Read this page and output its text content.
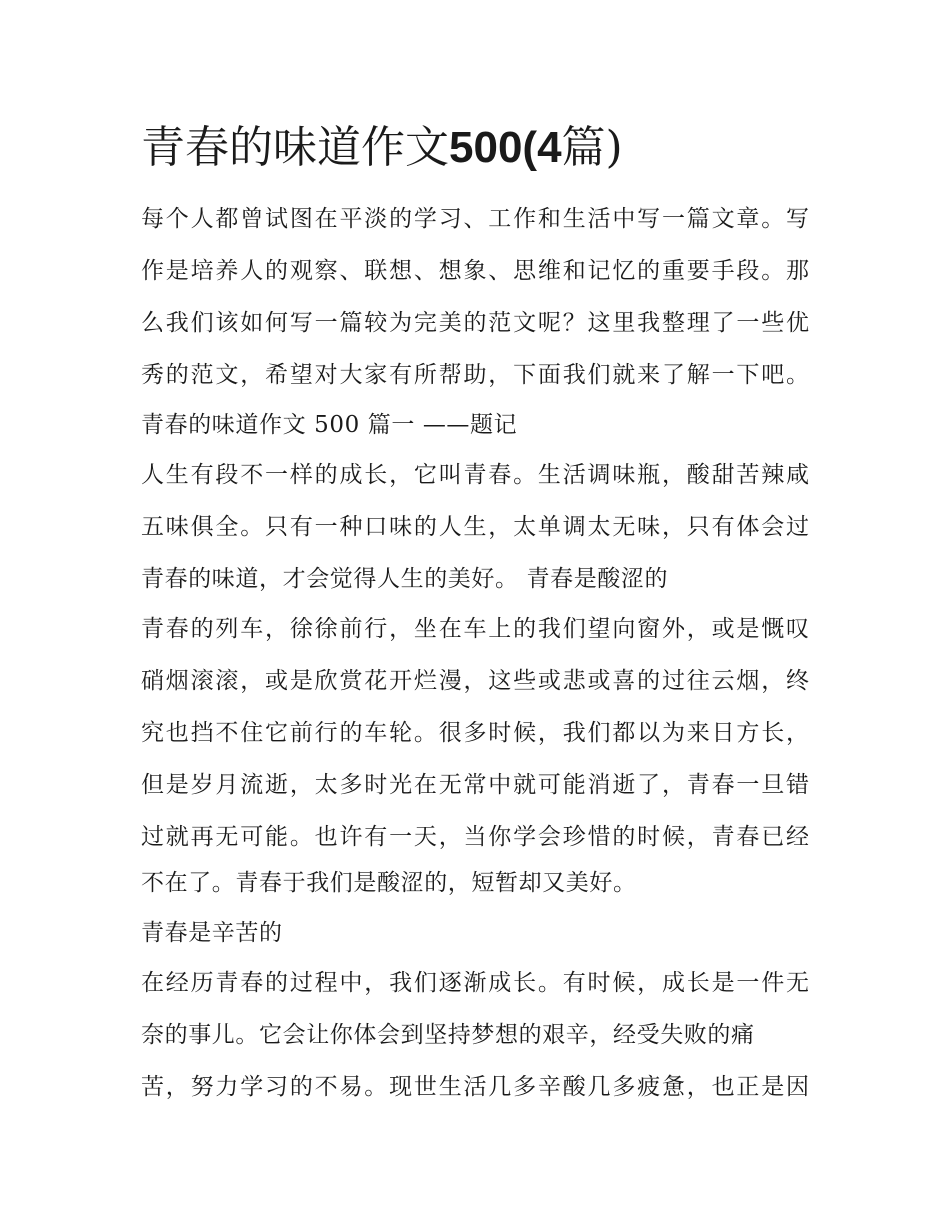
青春的味道作文500(4篇)

每个人都曾试图在平淡的学习、工作和生活中写一篇文章。写

作是培养人的观察、联想、想象、思维和记忆的重要手段。那

么我们该如何写一篇较为完美的范文呢？这里我整理了一些优

秀的范文，希望对大家有所帮助，下面我们就来了解一下吧。

青春的味道作文 500 篇一 ——题记

人生有段不一样的成长，它叫青春。生活调味瓶，酸甜苦辣咸

五味俱全。只有一种口味的人生，太单调太无味，只有体会过

青春的味道，才会觉得人生的美好。 青春是酸涩的

青春的列车，徐徐前行，坐在车上的我们望向窗外，或是慨叹

硝烟滚滚，或是欣赏花开烂漫，这些或悲或喜的过往云烟，终

究也挡不住它前行的车轮。很多时候，我们都以为来日方长，

但是岁月流逝，太多时光在无常中就可能消逝了，青春一旦错

过就再无可能。也许有一天，当你学会珍惜的时候，青春已经

不在了。青春于我们是酸涩的，短暂却又美好。

青春是辛苦的

在经历青春的过程中，我们逐渐成长。有时候，成长是一件无

奈的事儿。它会让你体会到坚持梦想的艰辛，经受失败的痛

苦，努力学习的不易。现世生活几多辛酸几多疲惫，也正是因
